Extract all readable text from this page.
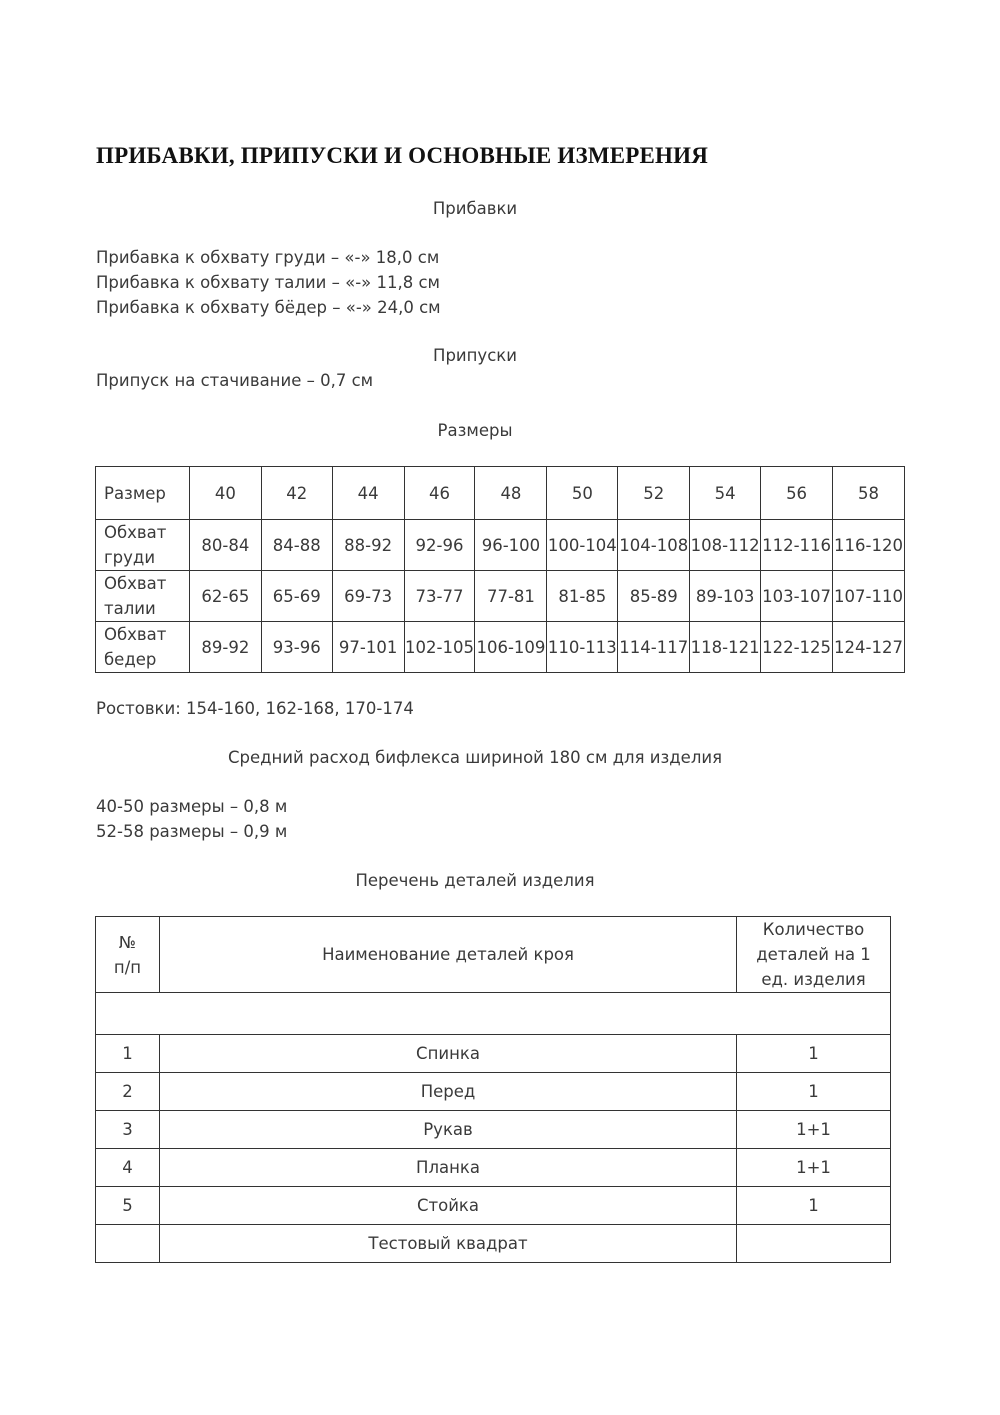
ПРИБАВКИ, ПРИПУСКИ И ОСНОВНЫЕ ИЗМЕРЕНИЯ
Прибавки
Прибавка к обхвату груди – «-» 18,0 см
Прибавка к обхвату талии – «-» 11,8 см
Прибавка к обхвату бёдер – «-» 24,0 см
Припуски
Припуск на стачивание – 0,7 см
Размеры
Размер	40	42	44	46	48	50	52	54	56	58
Обхват груди	80-84	84-88	88-92	92-96	96-100	100-104	104-108	108-112	112-116	116-120
Обхват талии	62-65	65-69	69-73	73-77	77-81	81-85	85-89	89-103	103-107	107-110
Обхват бедер	89-92	93-96	97-101	102-105	106-109	110-113	114-117	118-121	122-125	124-127
Ростовки: 154-160, 162-168, 170-174
Средний расход бифлекса шириной 180 см для изделия
40-50 размеры – 0,8 м
52-58 размеры – 0,9 м
Перечень деталей изделия
№ п/п	Наименование деталей кроя	Количество деталей на 1 ед. изделия

1	Спинка	1
2	Перед	1
3	Рукав	1+1
4	Планка	1+1
5	Стойка	1
	Тестовый квадрат	
